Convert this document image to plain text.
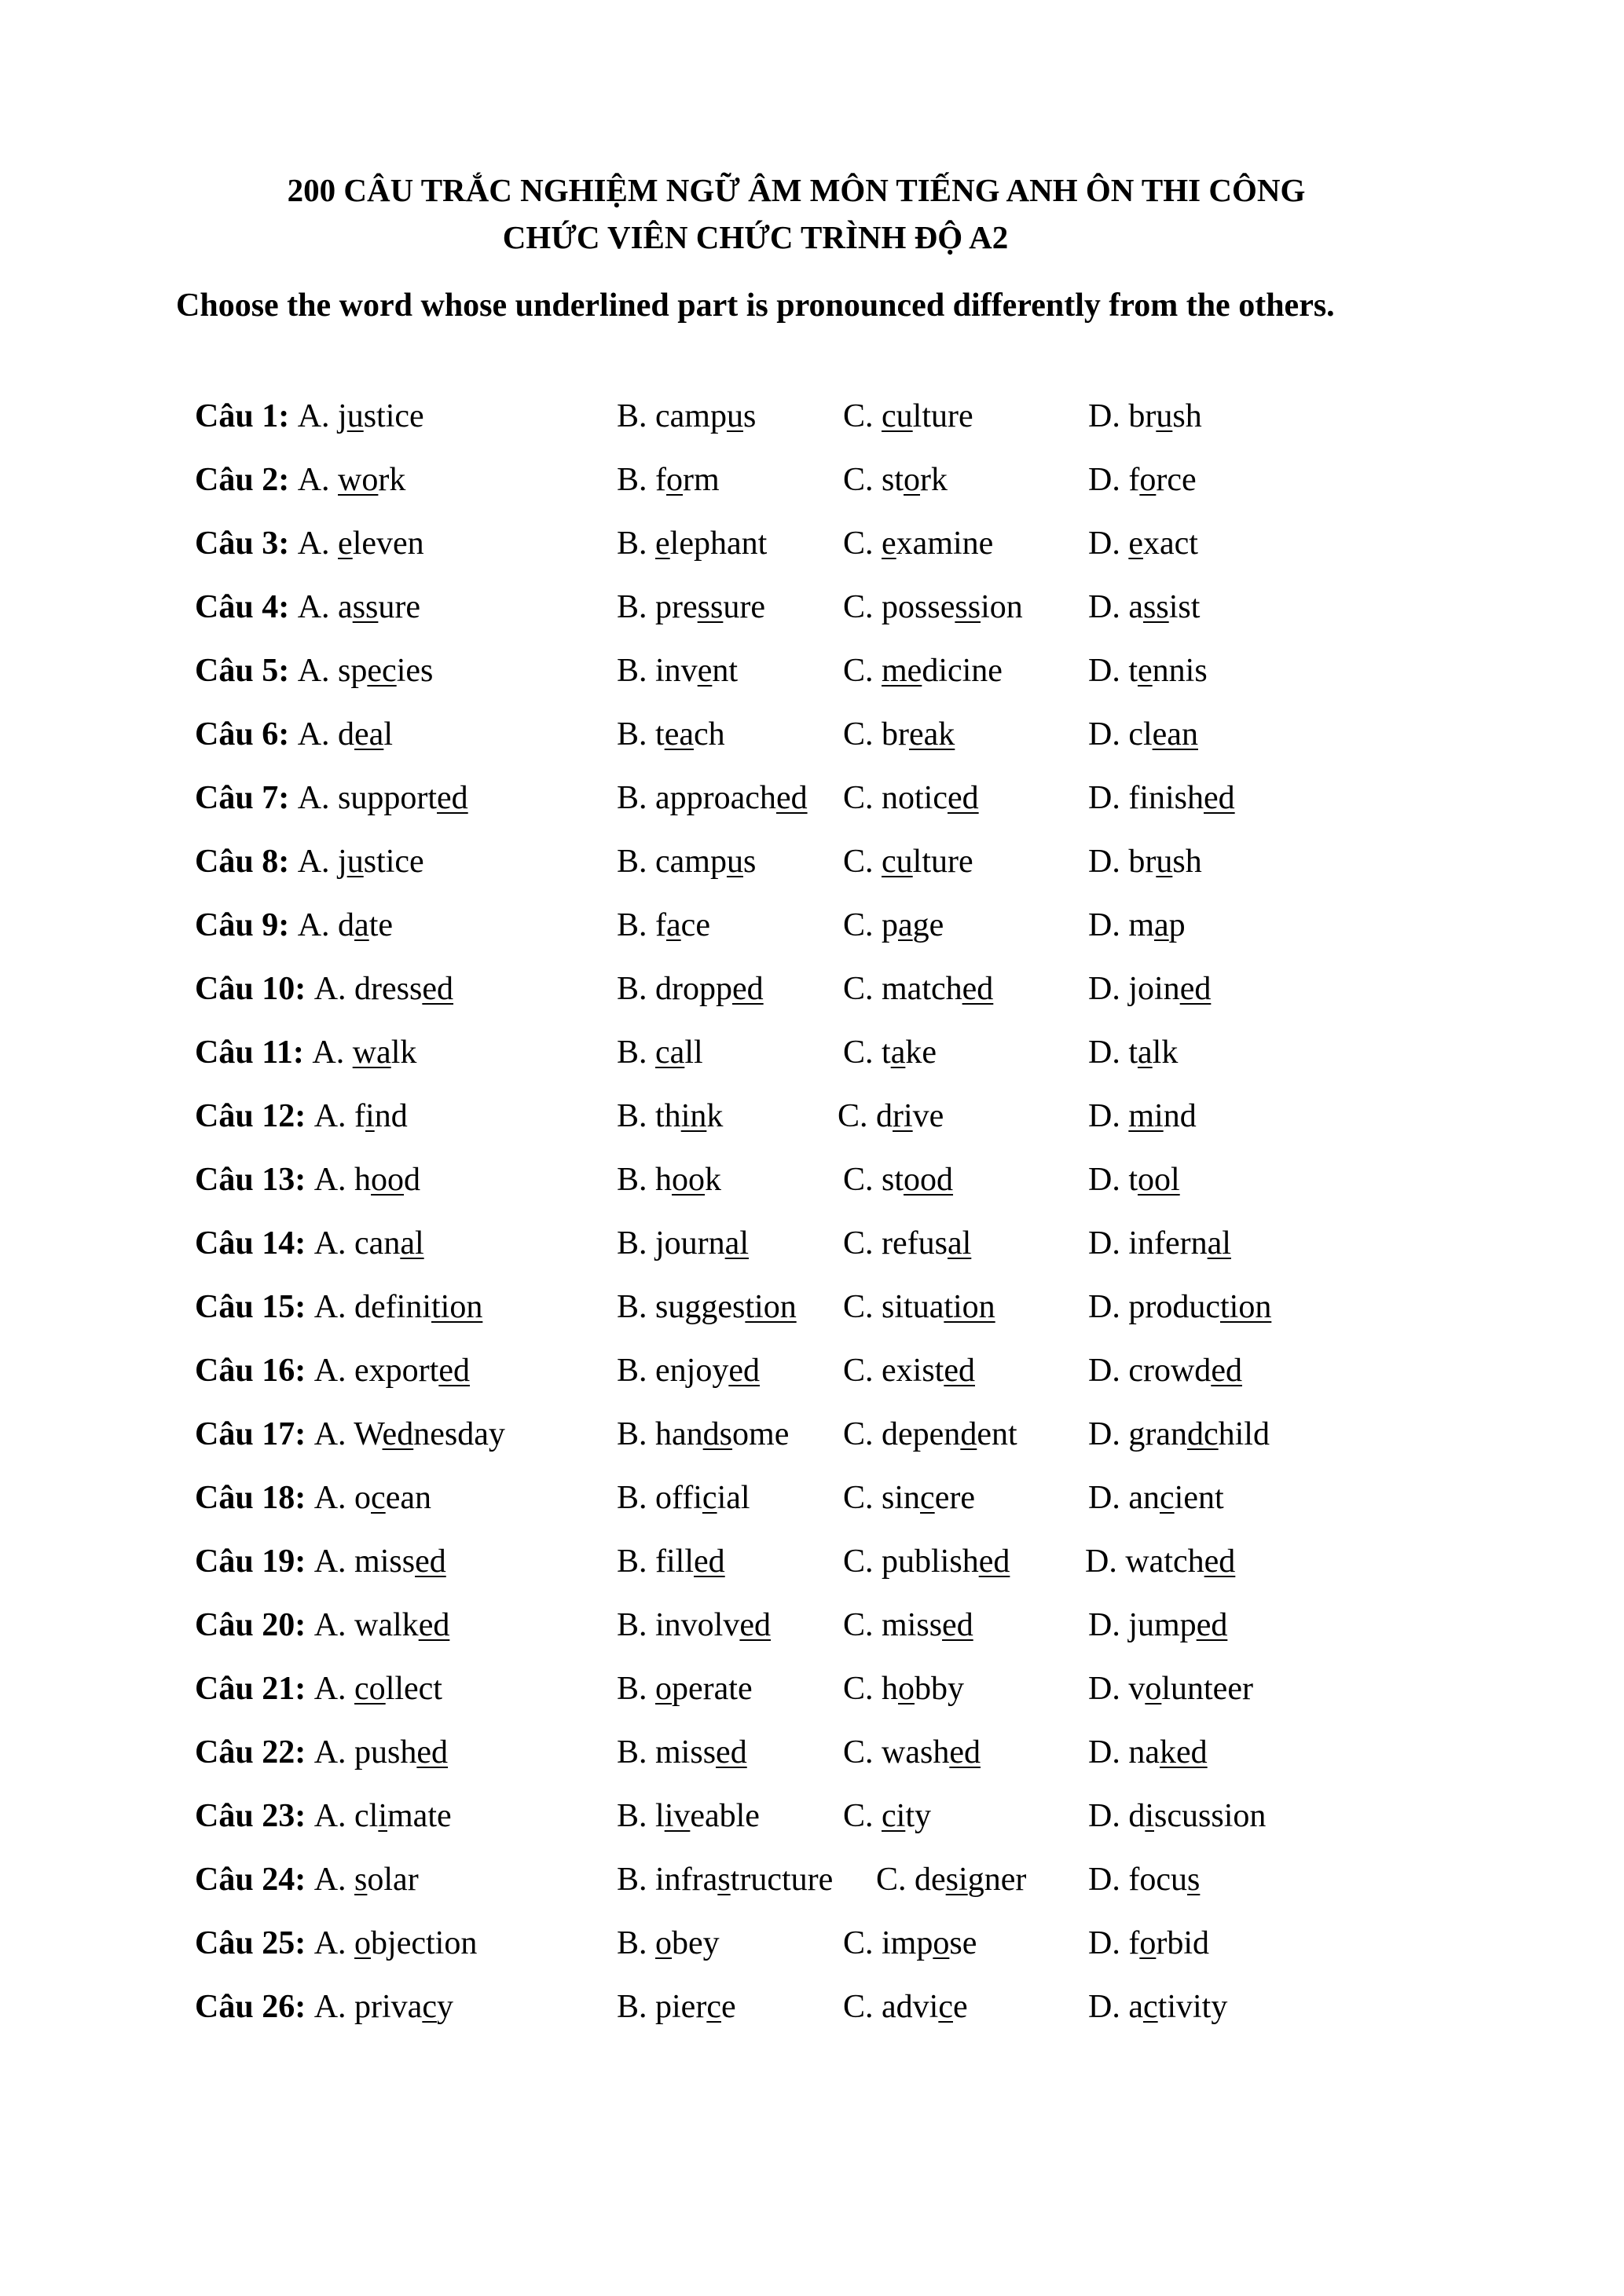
200 CÂU TRẮC NGHIỆM NGỮ ÂM MÔN TIẾNG ANH ÔN THI CÔNG
CHỨC VIÊN CHỨC TRÌNH ĐỘ A2
Choose the word whose underlined part is pronounced differently from the others.
Câu 1: A. justice	B. campus	C. culture	D. brush
Câu 2: A. work	B. form	C. stork	D. force
Câu 3: A. eleven	B. elephant C. examine	D. exact
Câu 4: A. assure	B. pressure C. possession D. assist
Câu 5: A. species	B. invent	C. medicine	D. tennis
Câu 6: A. deal	B. teach	C. break	D. clean
Câu 7: A. supported	B. approached C. noticed	D. finished
Câu 8: A. justice	B. campus	C. culture	D. brush
Câu 9: A. date	B. face	C. page	D. map
Câu 10: A. dressed	B. dropped C. matched	D. joined
Câu 11: A. walk	B. call	C. take	D. talk
Câu 12: A. find	B. think	C. drive	D. mind
Câu 13: A. hood	B. hook	C. stood	D. tool
Câu 14: A. canal	B. journal	C. refusal	D. infernal
Câu 15: A. definition	B. suggestion C. situation	D. production
Câu 16: A. exported	B. enjoyed	C. existed	D. crowded
Câu 17: A. Wednesday	B. handsome C. dependent D. grandchild
Câu 18: A. ocean	B. official	C. sincere	D. ancient
Câu 19: A. missed	B. filled	C. published D. watched
Câu 20: A. walked	B. involved C. missed	D. jumped
Câu 21: A. collect	B. operate	C. hobby	D. volunteer
Câu 22: A. pushed	B. missed	C. washed	D. naked
Câu 23: A. climate	B. liveable	C. city	D. discussion
Câu 24: A. solar	B. infrastructure C. designer D. focus
Câu 25: A. objection	B. obey	C. impose	D. forbid
Câu 26: A. privacy	B. pierce	C. advice	D. activity
